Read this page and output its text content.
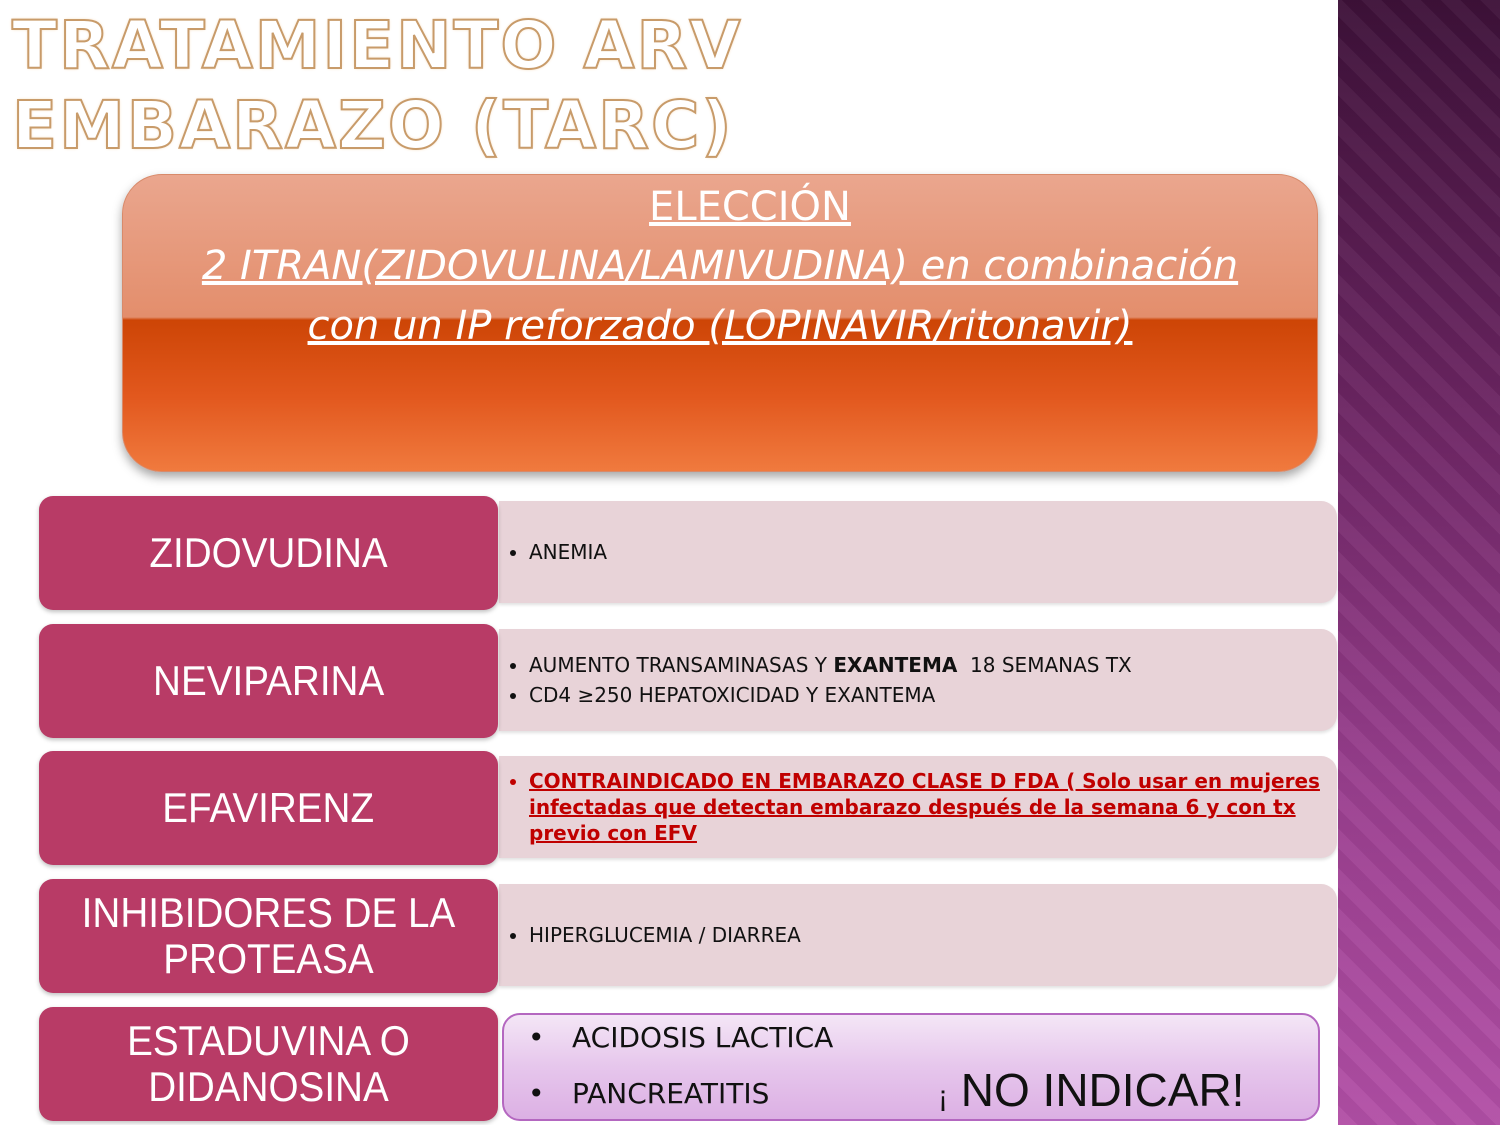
TRATAMIENTO ARV EMBARAZO (TARC)
ELECCIÓN
2 ITRAN(ZIDOVULINA/LAMIVUDINA) en combinación con un IP reforzado (LOPINAVIR/ritonavir)
• ANEMIA
ZIDOVUDINA
• AUMENTO TRANSAMINASAS Y EXANTEMA  18 SEMANAS TX
• CD4 ≥250 HEPATOXICIDAD Y EXANTEMA
NEVIPARINA
• CONTRAINDICADO EN EMBARAZO CLASE D FDA ( Solo usar en mujeres infectadas que detectan embarazo después de la semana 6 y con tx previo con EFV
EFAVIRENZ
• HIPERGLUCEMIA / DIARREA
INHIBIDORES DE LA PROTEASA
ESTADUVINA O DIDANOSINA
• ACIDOSIS LACTICA
• PANCREATITIS	¡ NO INDICAR!
